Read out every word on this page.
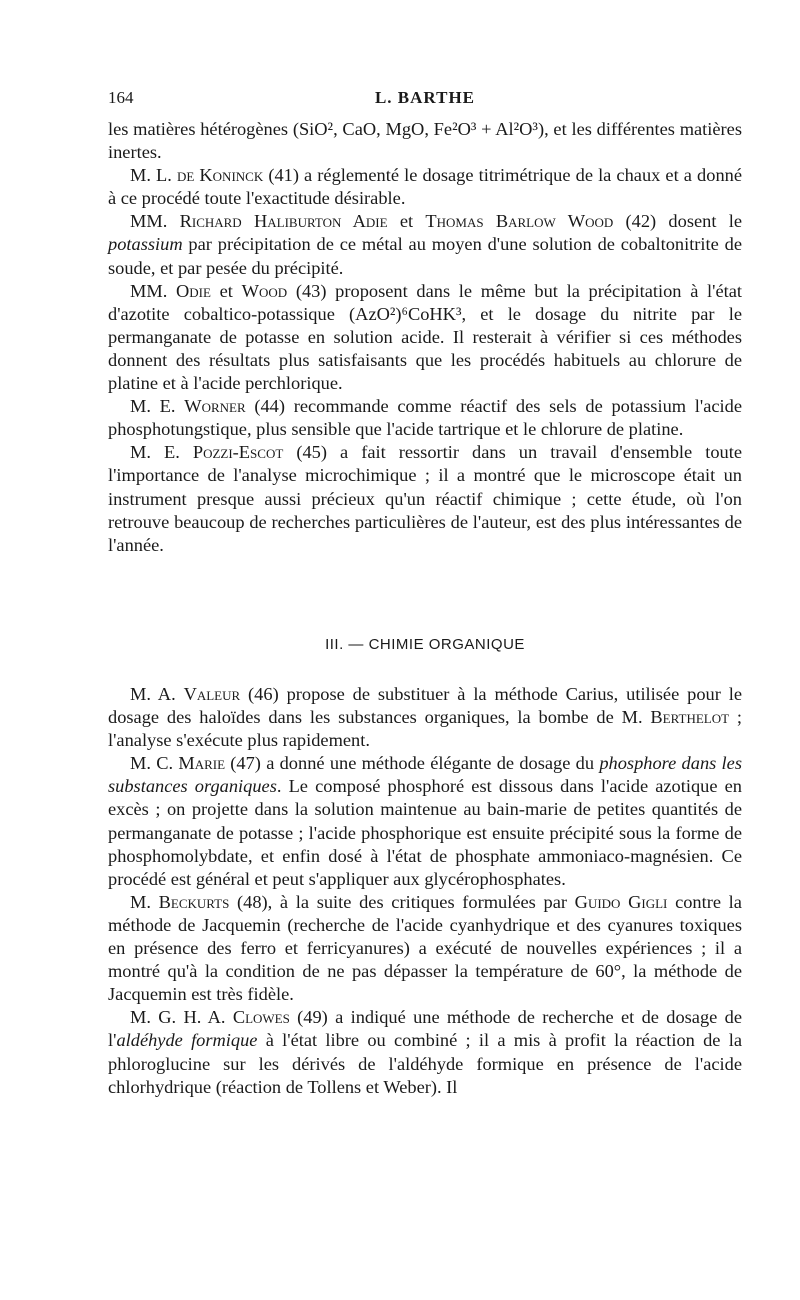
164	L. BARTHE

les matières hétérogènes (SiO², CaO, MgO, Fe²O³ + Al²O³), et les différentes matières inertes.

M. L. de Koninck (41) a réglementé le dosage titrimétrique de la chaux et a donné à ce procédé toute l'exactitude désirable.

MM. Richard Haliburton Adie et Thomas Barlow Wood (42) dosent le potassium par précipitation de ce métal au moyen d'une solution de cobaltonitrite de soude, et par pesée du précipité.

MM. Odie et Wood (43) proposent dans le même but la précipitation à l'état d'azotite cobaltico-potassique (AzO²)⁶CoHK³, et le dosage du nitrite par le permanganate de potasse en solution acide. Il resterait à vérifier si ces méthodes donnent des résultats plus satisfaisants que les procédés habituels au chlorure de platine et à l'acide perchlorique.

M. E. Worner (44) recommande comme réactif des sels de potassium l'acide phosphotungstique, plus sensible que l'acide tartrique et le chlorure de platine.

M. E. Pozzi-Escot (45) a fait ressortir dans un travail d'ensemble toute l'importance de l'analyse microchimique ; il a montré que le microscope était un instrument presque aussi précieux qu'un réactif chimique ; cette étude, où l'on retrouve beaucoup de recherches particulières de l'auteur, est des plus intéressantes de l'année.

III. — CHIMIE ORGANIQUE

M. A. Valeur (46) propose de substituer à la méthode Carius, utilisée pour le dosage des haloïdes dans les substances organiques, la bombe de M. Berthelot ; l'analyse s'exécute plus rapidement.

M. C. Marie (47) a donné une méthode élégante de dosage du phosphore dans les substances organiques. Le composé phosphoré est dissous dans l'acide azotique en excès ; on projette dans la solution maintenue au bain-marie de petites quantités de permanganate de potasse ; l'acide phosphorique est ensuite précipité sous la forme de phosphomolybdate, et enfin dosé à l'état de phosphate ammoniaco-magnésien. Ce procédé est général et peut s'appliquer aux glycérophosphates.

M. Beckurts (48), à la suite des critiques formulées par Guido Gigli contre la méthode de Jacquemin (recherche de l'acide cyanhydrique et des cyanures toxiques en présence des ferro et ferricyanures) a exécuté de nouvelles expériences ; il a montré qu'à la condition de ne pas dépasser la température de 60°, la méthode de Jacquemin est très fidèle.

M. G. H. A. Clowes (49) a indiqué une méthode de recherche et de dosage de l'aldéhyde formique à l'état libre ou combiné ; il a mis à profit la réaction de la phloroglucine sur les dérivés de l'aldéhyde formique en présence de l'acide chlorhydrique (réaction de Tollens et Weber). Il
